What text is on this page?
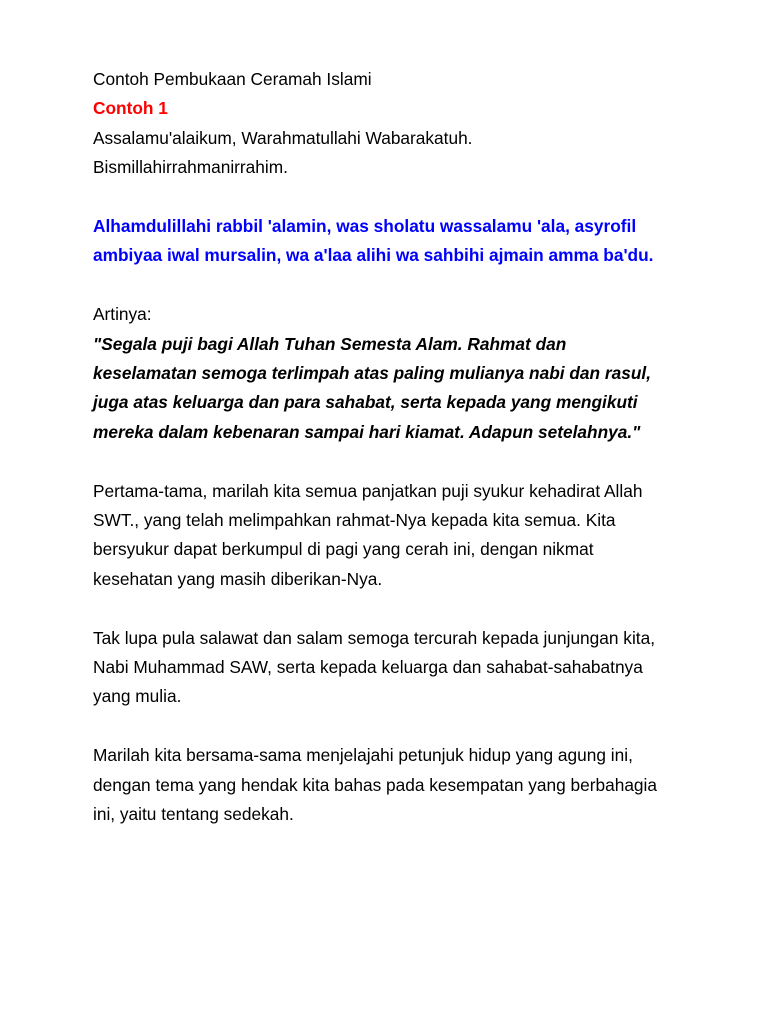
Contoh Pembukaan Ceramah Islami
Contoh 1
Assalamu'alaikum, Warahmatullahi Wabarakatuh.
Bismillahirrahmanirrahim.
Alhamdulillahi rabbil 'alamin, was sholatu wassalamu 'ala, asyrofil
ambiyaa iwal mursalin, wa a'laa alihi wa sahbihi ajmain amma ba'du.
Artinya:
"Segala puji bagi Allah Tuhan Semesta Alam. Rahmat dan
keselamatan semoga terlimpah atas paling mulianya nabi dan rasul,
juga atas keluarga dan para sahabat, serta kepada yang mengikuti
mereka dalam kebenaran sampai hari kiamat. Adapun setelahnya."
Pertama-tama, marilah kita semua panjatkan puji syukur kehadirat Allah
SWT., yang telah melimpahkan rahmat-Nya kepada kita semua. Kita
bersyukur dapat berkumpul di pagi yang cerah ini, dengan nikmat
kesehatan yang masih diberikan-Nya.
Tak lupa pula salawat dan salam semoga tercurah kepada junjungan kita,
Nabi Muhammad SAW, serta kepada keluarga dan sahabat-sahabatnya
yang mulia.
Marilah kita bersama-sama menjelajahi petunjuk hidup yang agung ini,
dengan tema yang hendak kita bahas pada kesempatan yang berbahagia
ini, yaitu tentang sedekah.
